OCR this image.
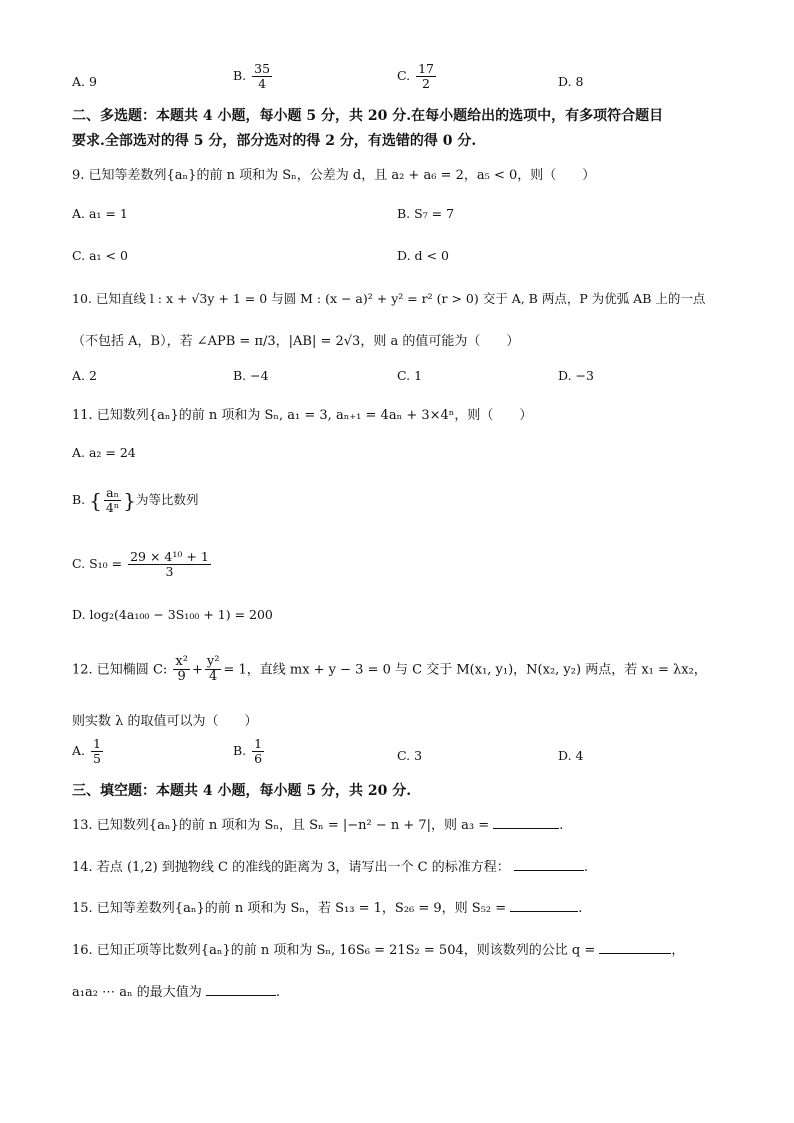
A. 9	B. $\frac{35}{4}$	C. $\frac{17}{2}$	D. 8
二、多选题：本题共 4 小题，每小题 5 分，共 20 分.在每小题给出的选项中，有多项符合题目
要求.全部选对的得 5 分，部分选对的得 2 分，有选错的得 0 分.
9. 已知等差数列{aₙ}的前 n 项和为 Sₙ，公差为 d，且 a₂ + a₆ = 2，a₅ < 0，则（　　）
A. a₁ = 1	B. S₇ = 7
C. a₁ < 0	D. d < 0
10. 已知直线 l : x + √3y + 1 = 0 与圆 M : (x − a)² + y² = r² (r > 0) 交于 A, B 两点，P 为优弧 AB 上的一点
（不包括 A，B），若 ∠APB = π/3，|AB| = 2√3，则 a 的值可能为（　　）
A. 2	B. −4	C. 1	D. −3
11. 已知数列{aₙ}的前 n 项和为 Sₙ, a₁ = 3, aₙ₊₁ = 4aₙ + 3×4ⁿ，则（　　）
A. a₂ = 24
B. { $\frac{\text{aₙ}}{\text{4ⁿ}}$ }为等比数列
C. $S_{10} = \frac{\text{29 × 4¹⁰ + 1}}{3}$
D. log₂(4a₁₀₀ − 3S₁₀₀ + 1) = 200
12. 已知椭圆 C: $\frac{\text{x²}}{9} + \frac{\text{y²}}{4} = 1$，直线 mx + y − 3 = 0 与 C 交于 M(x₁, y₁)，N(x₂, y₂) 两点，若 x₁ = λx₂，
则实数 λ 的取值可以为（　　）
A. $\frac{1}{5}$	B. $\frac{1}{6}$	C. 3	D. 4
三、填空题：本题共 4 小题，每小题 5 分，共 20 分.
13. 已知数列{aₙ}的前 n 项和为 Sₙ，且 Sₙ = |−n² − n + 7|，则 a₃ =	.
14. 若点 (1,2) 到抛物线 C 的准线的距离为 3，请写出一个 C 的标准方程：	.
15. 已知等差数列{aₙ}的前 n 项和为 Sₙ，若 S₁₃ = 1，S₂₆ = 9，则 S₅₂ =	.
16. 已知正项等比数列{aₙ}的前 n 项和为 Sₙ, 16S₆ = 21S₂ = 504，则该数列的公比 q =	，
a₁a₂ ⋯ aₙ 的最大值为	.
